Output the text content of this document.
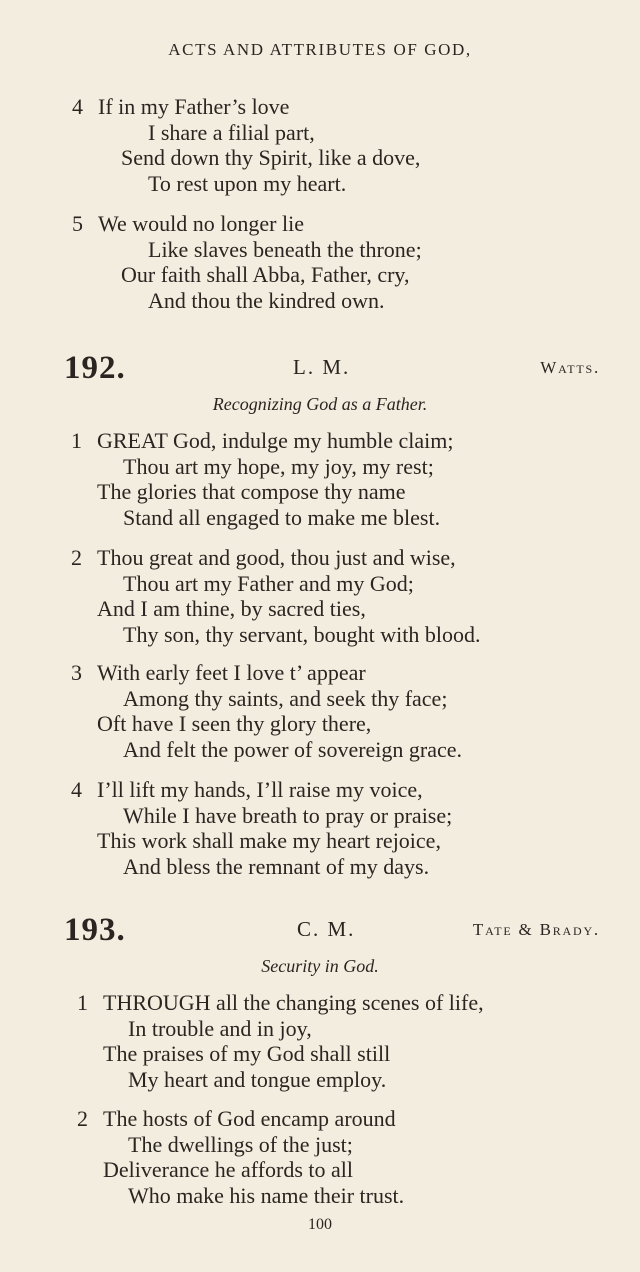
ACTS AND ATTRIBUTES OF GOD,
4 If in my Father’s love
I share a filial part,
Send down thy Spirit, like a dove,
To rest upon my heart.
5 We would no longer lie
Like slaves beneath the throne;
Our faith shall Abba, Father, cry,
And thou the kindred own.
192.	L. M.	Watts.
Recognizing God as a Father.
1 GREAT God, indulge my humble claim;
Thou art my hope, my joy, my rest;
The glories that compose thy name
Stand all engaged to make me blest.
2 Thou great and good, thou just and wise,
Thou art my Father and my God;
And I am thine, by sacred ties,
Thy son, thy servant, bought with blood.
3 With early feet I love t’ appear
Among thy saints, and seek thy face;
Oft have I seen thy glory there,
And felt the power of sovereign grace.
4 I’ll lift my hands, I’ll raise my voice,
While I have breath to pray or praise;
This work shall make my heart rejoice,
And bless the remnant of my days.
193.	C. M.	Tate & Brady.
Security in God.
1 THROUGH all the changing scenes of life,
In trouble and in joy,
The praises of my God shall still
My heart and tongue employ.
2 The hosts of God encamp around
The dwellings of the just;
Deliverance he affords to all
Who make his name their trust.
100
